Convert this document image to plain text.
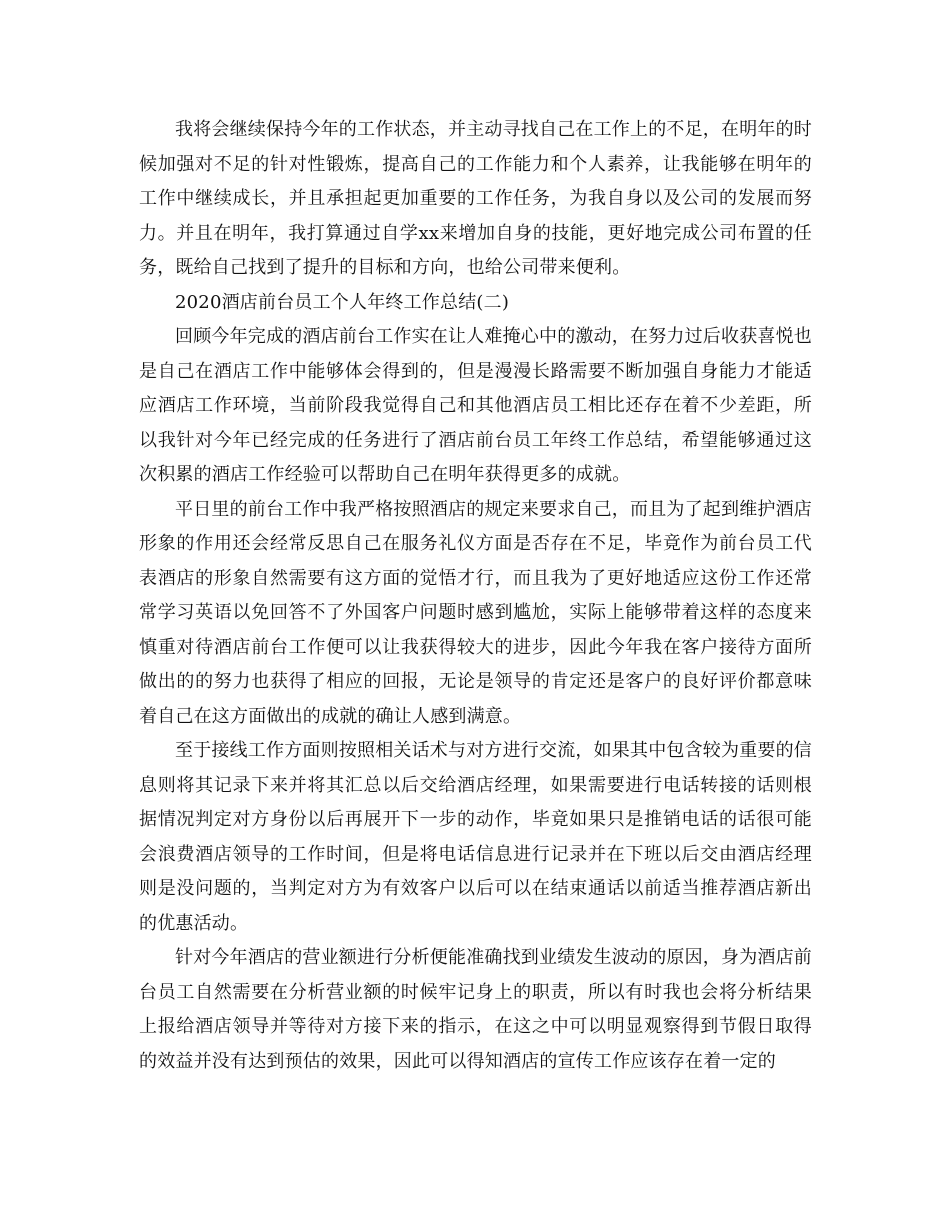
我将会继续保持今年的工作状态，并主动寻找自己在工作上的不足，在明年的时候加强对不足的针对性锻炼，提高自己的工作能力和个人素养，让我能够在明年的工作中继续成长，并且承担起更加重要的工作任务，为我自身以及公司的发展而努力。并且在明年，我打算通过自学xx来增加自身的技能，更好地完成公司布置的任务，既给自己找到了提升的目标和方向，也给公司带来便利。

2020酒店前台员工个人年终工作总结(二)

回顾今年完成的酒店前台工作实在让人难掩心中的激动，在努力过后收获喜悦也是自己在酒店工作中能够体会得到的，但是漫漫长路需要不断加强自身能力才能适应酒店工作环境，当前阶段我觉得自己和其他酒店员工相比还存在着不少差距，所以我针对今年已经完成的任务进行了酒店前台员工年终工作总结，希望能够通过这次积累的酒店工作经验可以帮助自己在明年获得更多的成就。

平日里的前台工作中我严格按照酒店的规定来要求自己，而且为了起到维护酒店形象的作用还会经常反思自己在服务礼仪方面是否存在不足，毕竟作为前台员工代表酒店的形象自然需要有这方面的觉悟才行，而且我为了更好地适应这份工作还常常学习英语以免回答不了外国客户问题时感到尴尬，实际上能够带着这样的态度来慎重对待酒店前台工作便可以让我获得较大的进步，因此今年我在客户接待方面所做出的的努力也获得了相应的回报，无论是领导的肯定还是客户的良好评价都意味着自己在这方面做出的成就的确让人感到满意。

至于接线工作方面则按照相关话术与对方进行交流，如果其中包含较为重要的信息则将其记录下来并将其汇总以后交给酒店经理，如果需要进行电话转接的话则根据情况判定对方身份以后再展开下一步的动作，毕竟如果只是推销电话的话很可能会浪费酒店领导的工作时间，但是将电话信息进行记录并在下班以后交由酒店经理则是没问题的，当判定对方为有效客户以后可以在结束通话以前适当推荐酒店新出的优惠活动。

针对今年酒店的营业额进行分析便能准确找到业绩发生波动的原因，身为酒店前台员工自然需要在分析营业额的时候牢记身上的职责，所以有时我也会将分析结果上报给酒店领导并等待对方接下来的指示，在这之中可以明显观察得到节假日取得的效益并没有达到预估的效果，因此可以得知酒店的宣传工作应该存在着一定的
